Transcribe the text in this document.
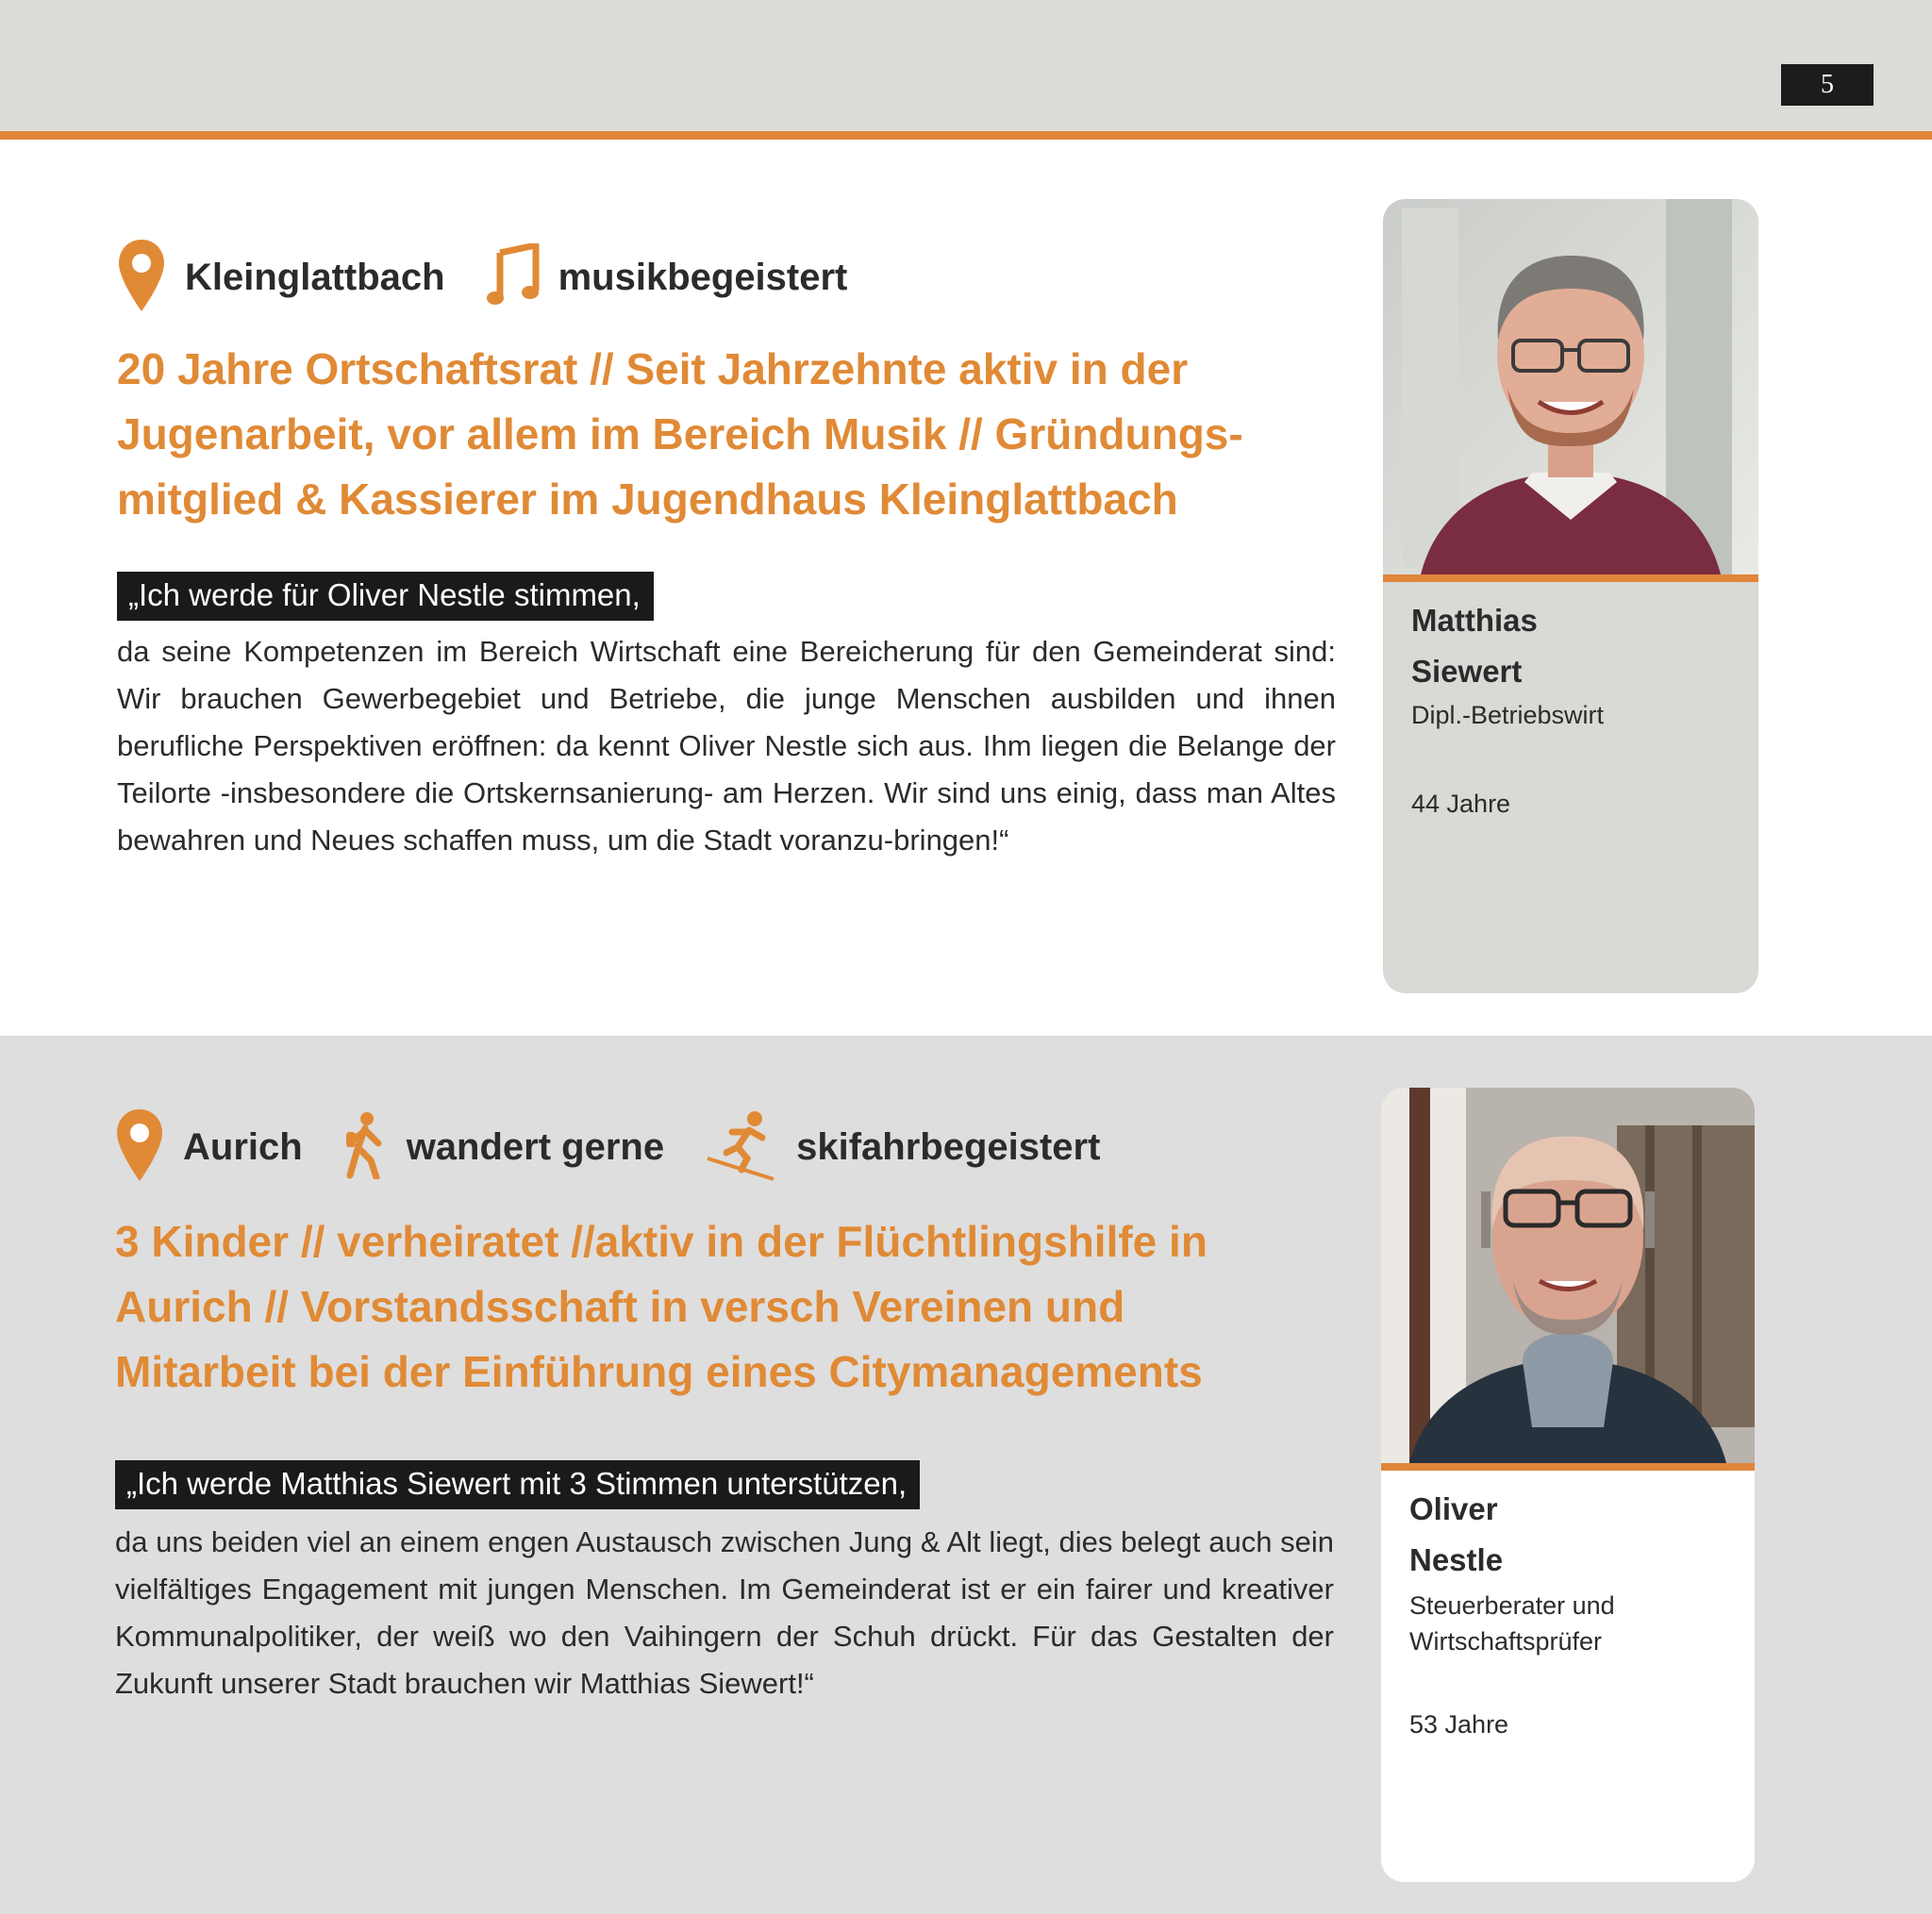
5
Kleinglattbach	musikbegeistert
20 Jahre Ortschaftsrat // Seit Jahrzehnte aktiv in der
Jugenarbeit, vor allem im Bereich Musik // Gründungs-
mitglied & Kassierer im Jugendhaus Kleinglattbach
„Ich werde für Oliver Nestle stimmen,

da seine Kompetenzen im Bereich Wirtschaft eine Bereicherung für den Gemeinderat sind: Wir brauchen Gewerbegebiet und Betriebe, die junge Menschen ausbilden und ihnen berufliche Perspektiven eröffnen: da kennt Oliver Nestle sich aus. Ihm liegen die Belange der Teilorte -insbesondere die Ortskernsanierung- am Herzen. Wir sind uns einig, dass man Altes bewahren und Neues schaffen muss, um die Stadt voranzu-bringen!“

Matthias
Siewert
Dipl.-Betriebswirt
44 Jahre
Aurich	wandert gerne	skifahrbegeistert
3 Kinder // verheiratet //aktiv in der Flüchtlingshilfe in
Aurich // Vorstandsschaft in versch Vereinen und
Mitarbeit bei der Einführung eines Citymanagements
„Ich werde Matthias Siewert mit 3 Stimmen unterstützen,

da uns beiden viel an einem engen Austausch zwischen Jung & Alt liegt, dies belegt auch sein vielfältiges Engagement mit jungen Menschen. Im Gemeinderat ist er ein fairer und kreativer Kommunalpolitiker, der weiß wo den Vaihingern der Schuh drückt. Für das Gestalten der Zukunft unserer Stadt brauchen wir Matthias Siewert!“

Oliver
Nestle
Steuerberater und
Wirtschaftsprüfer
53 Jahre
